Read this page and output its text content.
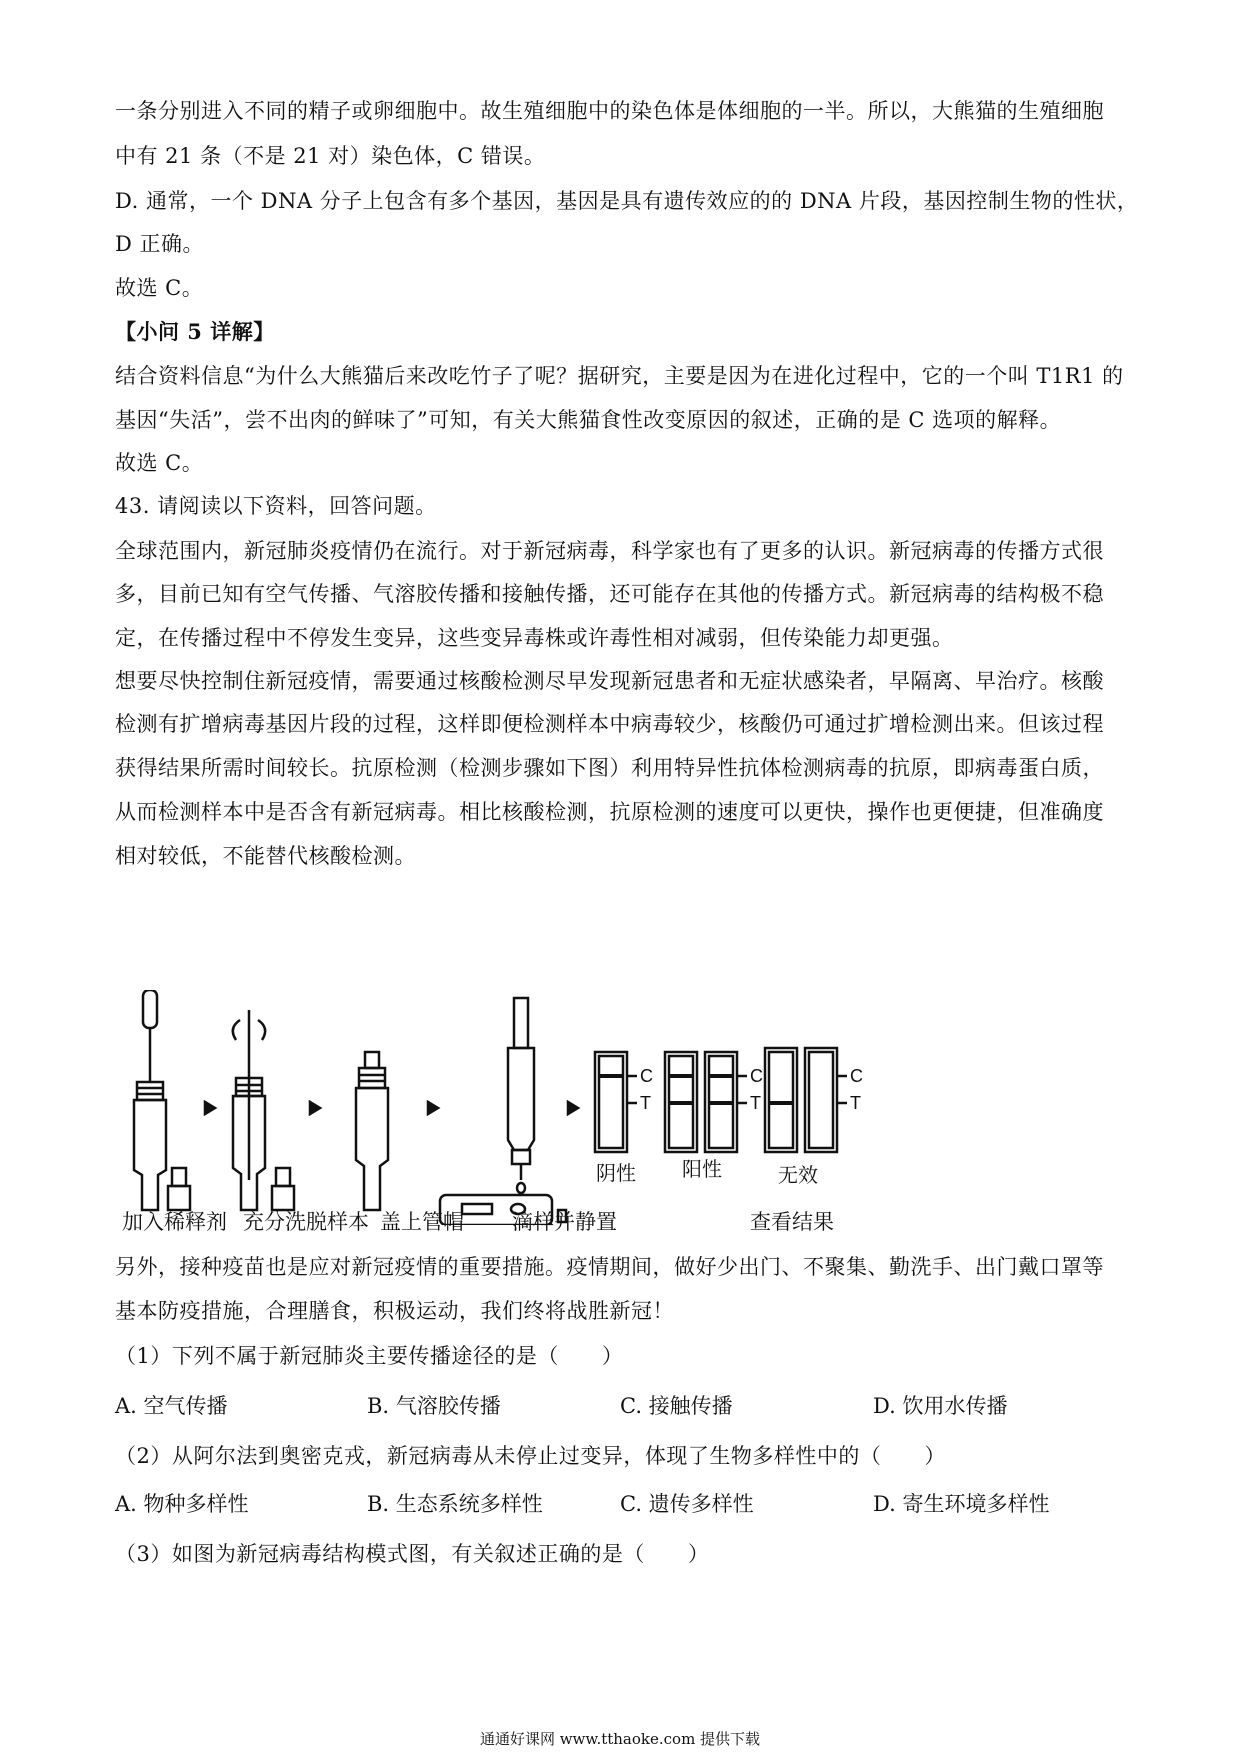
一条分别进入不同的精子或卵细胞中。故生殖细胞中的染色体是体细胞的一半。所以，大熊猫的生殖细胞
中有 21 条（不是 21 对）染色体，C 错误。
D. 通常，一个 DNA 分子上包含有多个基因，基因是具有遗传效应的的 DNA 片段，基因控制生物的性状，
D 正确。
故选 C。
【小问 5 详解】
结合资料信息“为什么大熊猫后来改吃竹子了呢？据研究，主要是因为在进化过程中，它的一个叫 T1R1 的
基因“失活”，尝不出肉的鲜味了”可知，有关大熊猫食性改变原因的叙述，正确的是 C 选项的解释。
故选 C。
43. 请阅读以下资料，回答问题。
全球范围内，新冠肺炎疫情仍在流行。对于新冠病毒，科学家也有了更多的认识。新冠病毒的传播方式很
多，目前已知有空气传播、气溶胶传播和接触传播，还可能存在其他的传播方式。新冠病毒的结构极不稳
定，在传播过程中不停发生变异，这些变异毒株或许毒性相对减弱，但传染能力却更强。
想要尽快控制住新冠疫情，需要通过核酸检测尽早发现新冠患者和无症状感染者，早隔离、早治疗。核酸
检测有扩增病毒基因片段的过程，这样即便检测样本中病毒较少，核酸仍可通过扩增检测出来。但该过程
获得结果所需时间较长。抗原检测（检测步骤如下图）利用特异性抗体检测病毒的抗原，即病毒蛋白质，
从而检测样本中是否含有新冠病毒。相比核酸检测，抗原检测的速度可以更快，操作也更便捷，但准确度
相对较低，不能替代核酸检测。
C
T
C
T
C
T
阴性 阳性	无效
加入稀释剂 充分洗脱样本 盖上管帽 滴样并静置	查看结果
另外，接种疫苗也是应对新冠疫情的重要措施。疫情期间，做好少出门、不聚集、勤洗手、出门戴口罩等
基本防疫措施，合理膳食，积极运动，我们终将战胜新冠！
（1）下列不属于新冠肺炎主要传播途径的是（　　）
A. 空气传播	B. 气溶胶传播	C. 接触传播	D. 饮用水传播
（2）从阿尔法到奥密克戎，新冠病毒从未停止过变异，体现了生物多样性中的（　　）
A. 物种多样性	B. 生态系统多样性	C. 遗传多样性	D. 寄生环境多样性
（3）如图为新冠病毒结构模式图，有关叙述正确的是（　　）
通通好课网 www.tthaoke.com 提供下载
